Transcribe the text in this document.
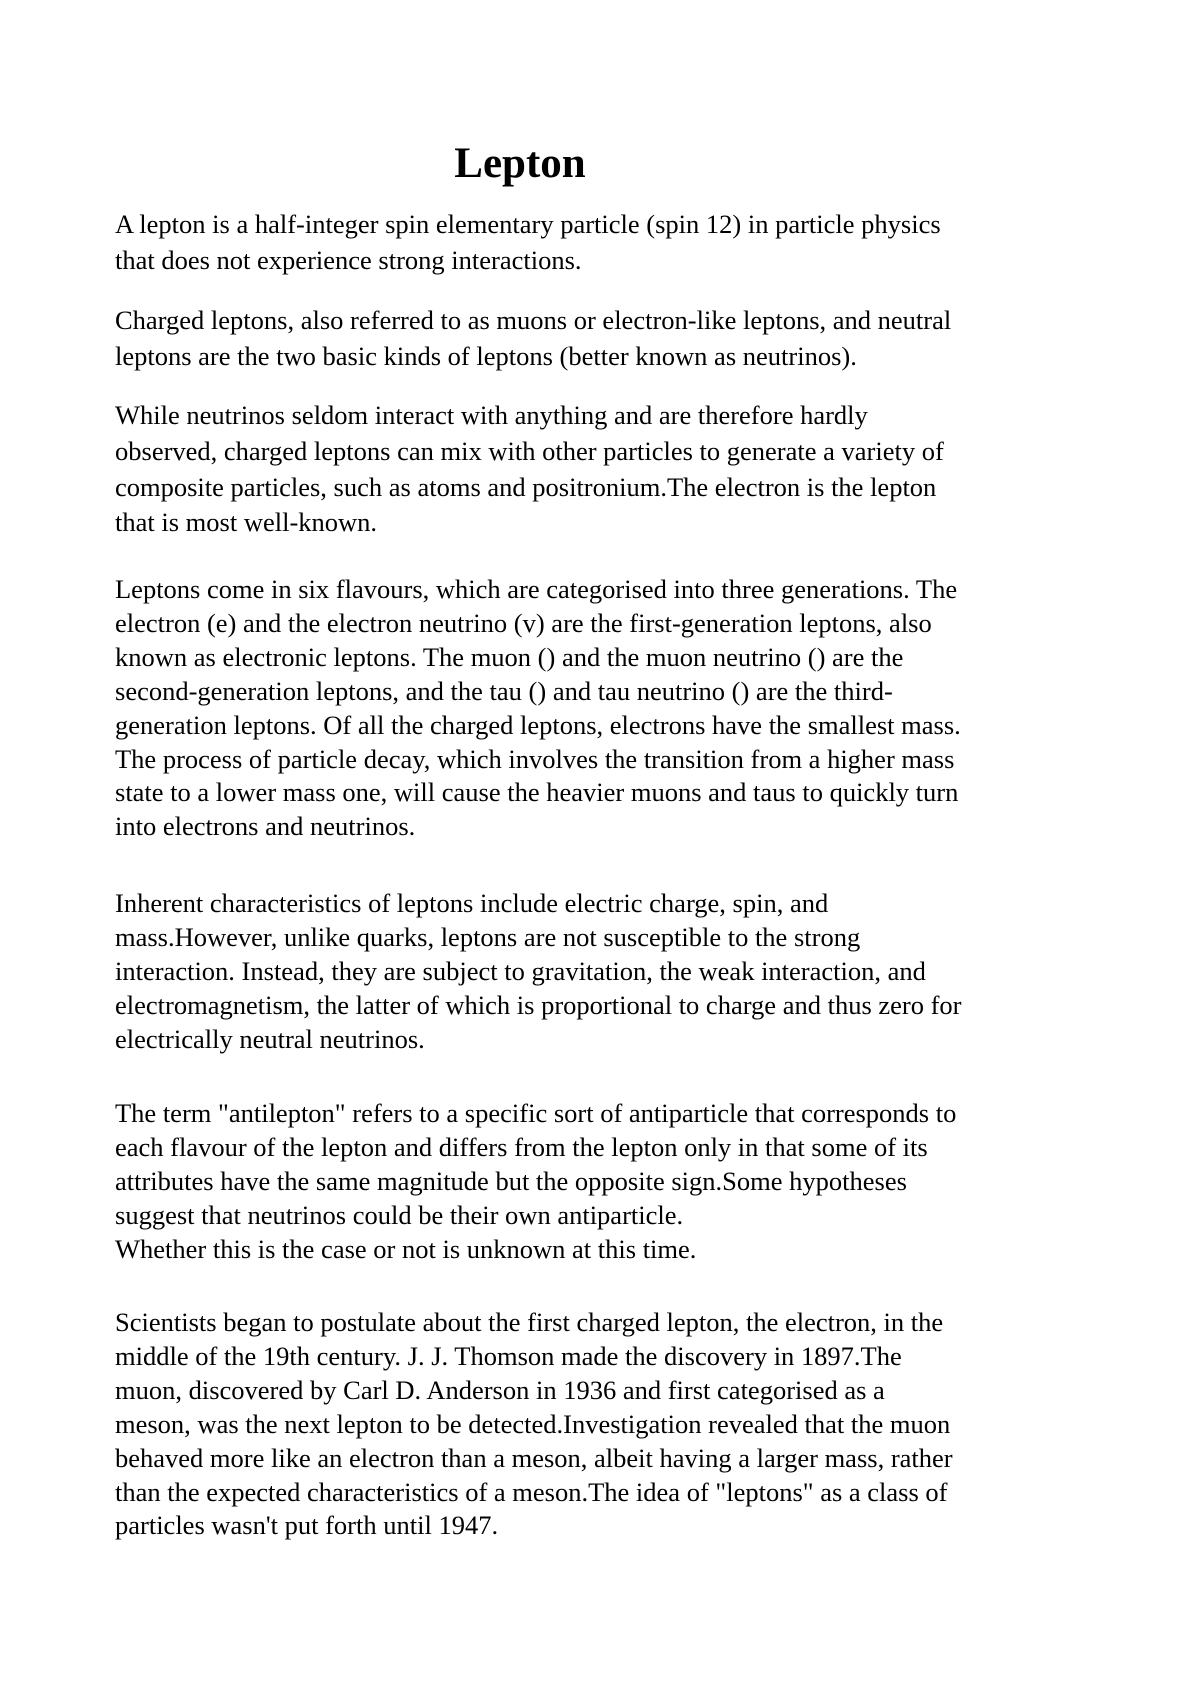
Lepton

A lepton is a half-integer spin elementary particle (spin 12) in particle physics
that does not experience strong interactions.

Charged leptons, also referred to as muons or electron-like leptons, and neutral
leptons are the two basic kinds of leptons (better known as neutrinos).

While neutrinos seldom interact with anything and are therefore hardly
observed, charged leptons can mix with other particles to generate a variety of
composite particles, such as atoms and positronium.The electron is the lepton
that is most well-known.

Leptons come in six flavours, which are categorised into three generations. The
electron (e) and the electron neutrino (v) are the first-generation leptons, also
known as electronic leptons. The muon () and the muon neutrino () are the
second-generation leptons, and the tau () and tau neutrino () are the third-
generation leptons. Of all the charged leptons, electrons have the smallest mass.
The process of particle decay, which involves the transition from a higher mass
state to a lower mass one, will cause the heavier muons and taus to quickly turn
into electrons and neutrinos.

Inherent characteristics of leptons include electric charge, spin, and
mass.However, unlike quarks, leptons are not susceptible to the strong
interaction. Instead, they are subject to gravitation, the weak interaction, and
electromagnetism, the latter of which is proportional to charge and thus zero for
electrically neutral neutrinos.

The term "antilepton" refers to a specific sort of antiparticle that corresponds to
each flavour of the lepton and differs from the lepton only in that some of its
attributes have the same magnitude but the opposite sign.Some hypotheses
suggest that neutrinos could be their own antiparticle.
Whether this is the case or not is unknown at this time.

Scientists began to postulate about the first charged lepton, the electron, in the
middle of the 19th century. J. J. Thomson made the discovery in 1897.The
muon, discovered by Carl D. Anderson in 1936 and first categorised as a
meson, was the next lepton to be detected.Investigation revealed that the muon
behaved more like an electron than a meson, albeit having a larger mass, rather
than the expected characteristics of a meson.The idea of "leptons" as a class of
particles wasn't put forth until 1947.
